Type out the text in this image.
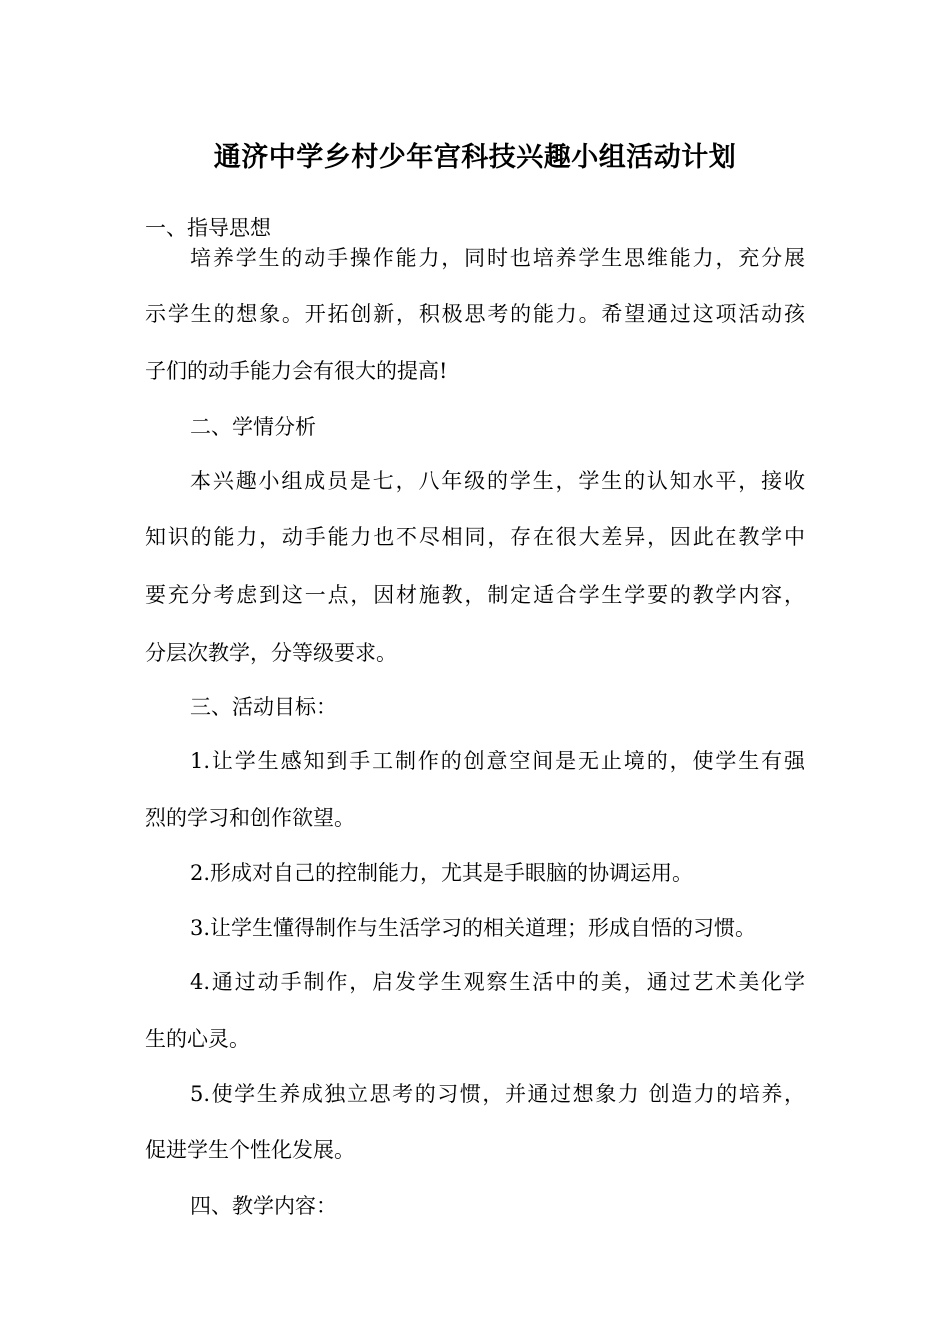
通济中学乡村少年宫科技兴趣小组活动计划
一、指导思想
培养学生的动手操作能力，同时也培养学生思维能力，充分展
示学生的想象。开拓创新，积极思考的能力。希望通过这项活动孩
子们的动手能力会有很大的提高!
二、学情分析
本兴趣小组成员是七，八年级的学生，学生的认知水平，接收
知识的能力，动手能力也不尽相同，存在很大差异，因此在教学中
要充分考虑到这一点，因材施教，制定适合学生学要的教学内容，
分层次教学，分等级要求。
三、活动目标：
1.让学生感知到手工制作的创意空间是无止境的，使学生有强
烈的学习和创作欲望。
2.形成对自己的控制能力，尤其是手眼脑的协调运用。
3.让学生懂得制作与生活学习的相关道理；形成自悟的习惯。
4.通过动手制作，启发学生观察生活中的美，通过艺术美化学
生的心灵。
5.使学生养成独立思考的习惯，并通过想象力 创造力的培养，
促进学生个性化发展。
四、教学内容：
